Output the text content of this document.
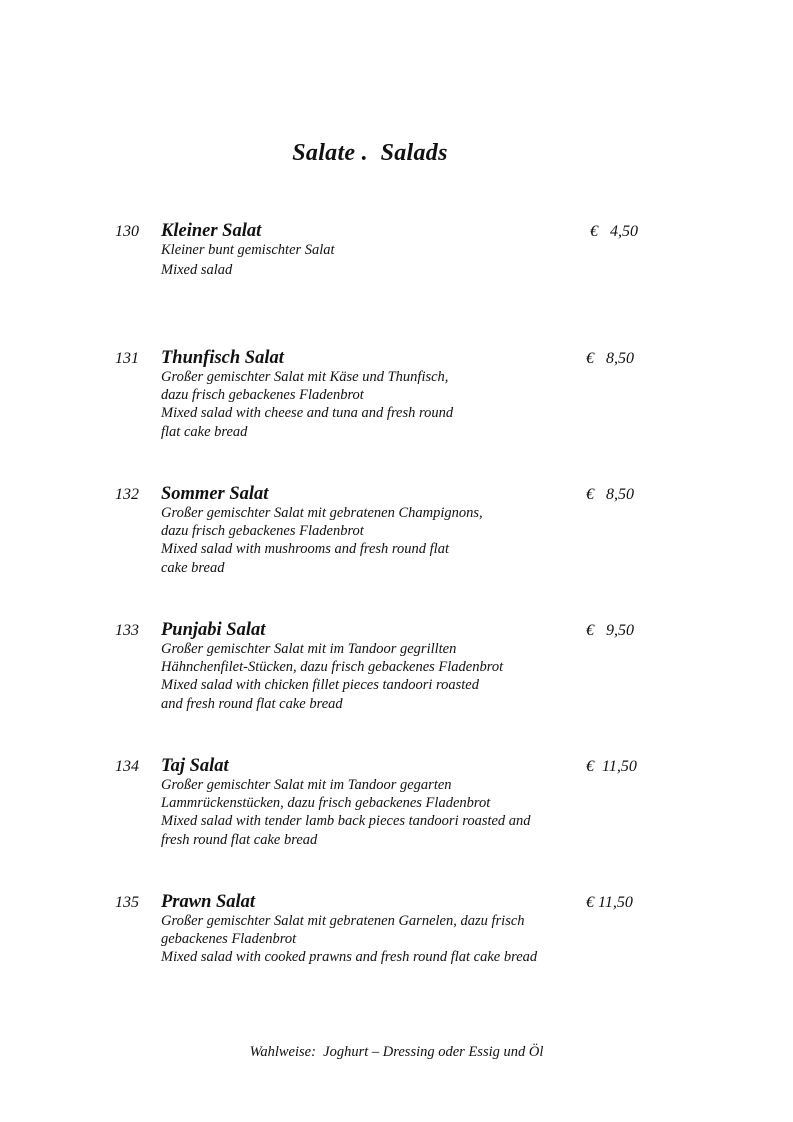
Salate .  Salads
130 Kleiner Salat	€   4,50
Kleiner bunt gemischter Salat
Mixed salad
131 Thunfisch Salat	€   8,50
Großer gemischter Salat mit Käse und Thunfisch,
dazu frisch gebackenes Fladenbrot
Mixed salad with cheese and tuna and fresh round
flat cake bread
132 Sommer Salat	€   8,50
Großer gemischter Salat mit gebratenen Champignons,
dazu frisch gebackenes Fladenbrot
Mixed salad with mushrooms and fresh round flat
cake bread
133 Punjabi Salat	€   9,50
Großer gemischter Salat mit im Tandoor gegrillten
Hähnchenfilet-Stücken, dazu frisch gebackenes Fladenbrot
Mixed salad with chicken fillet pieces tandoori roasted
and fresh round flat cake bread
134 Taj Salat	€  11,50
Großer gemischter Salat mit im Tandoor gegarten
Lammrückenstücken, dazu frisch gebackenes Fladenbrot
Mixed salad with tender lamb back pieces tandoori roasted and
fresh round flat cake bread
135 Prawn Salat	€ 11,50
Großer gemischter Salat mit gebratenen Garnelen, dazu frisch
gebackenes Fladenbrot
Mixed salad with cooked prawns and fresh round flat cake bread
Wahlweise:  Joghurt – Dressing oder Essig und Öl
